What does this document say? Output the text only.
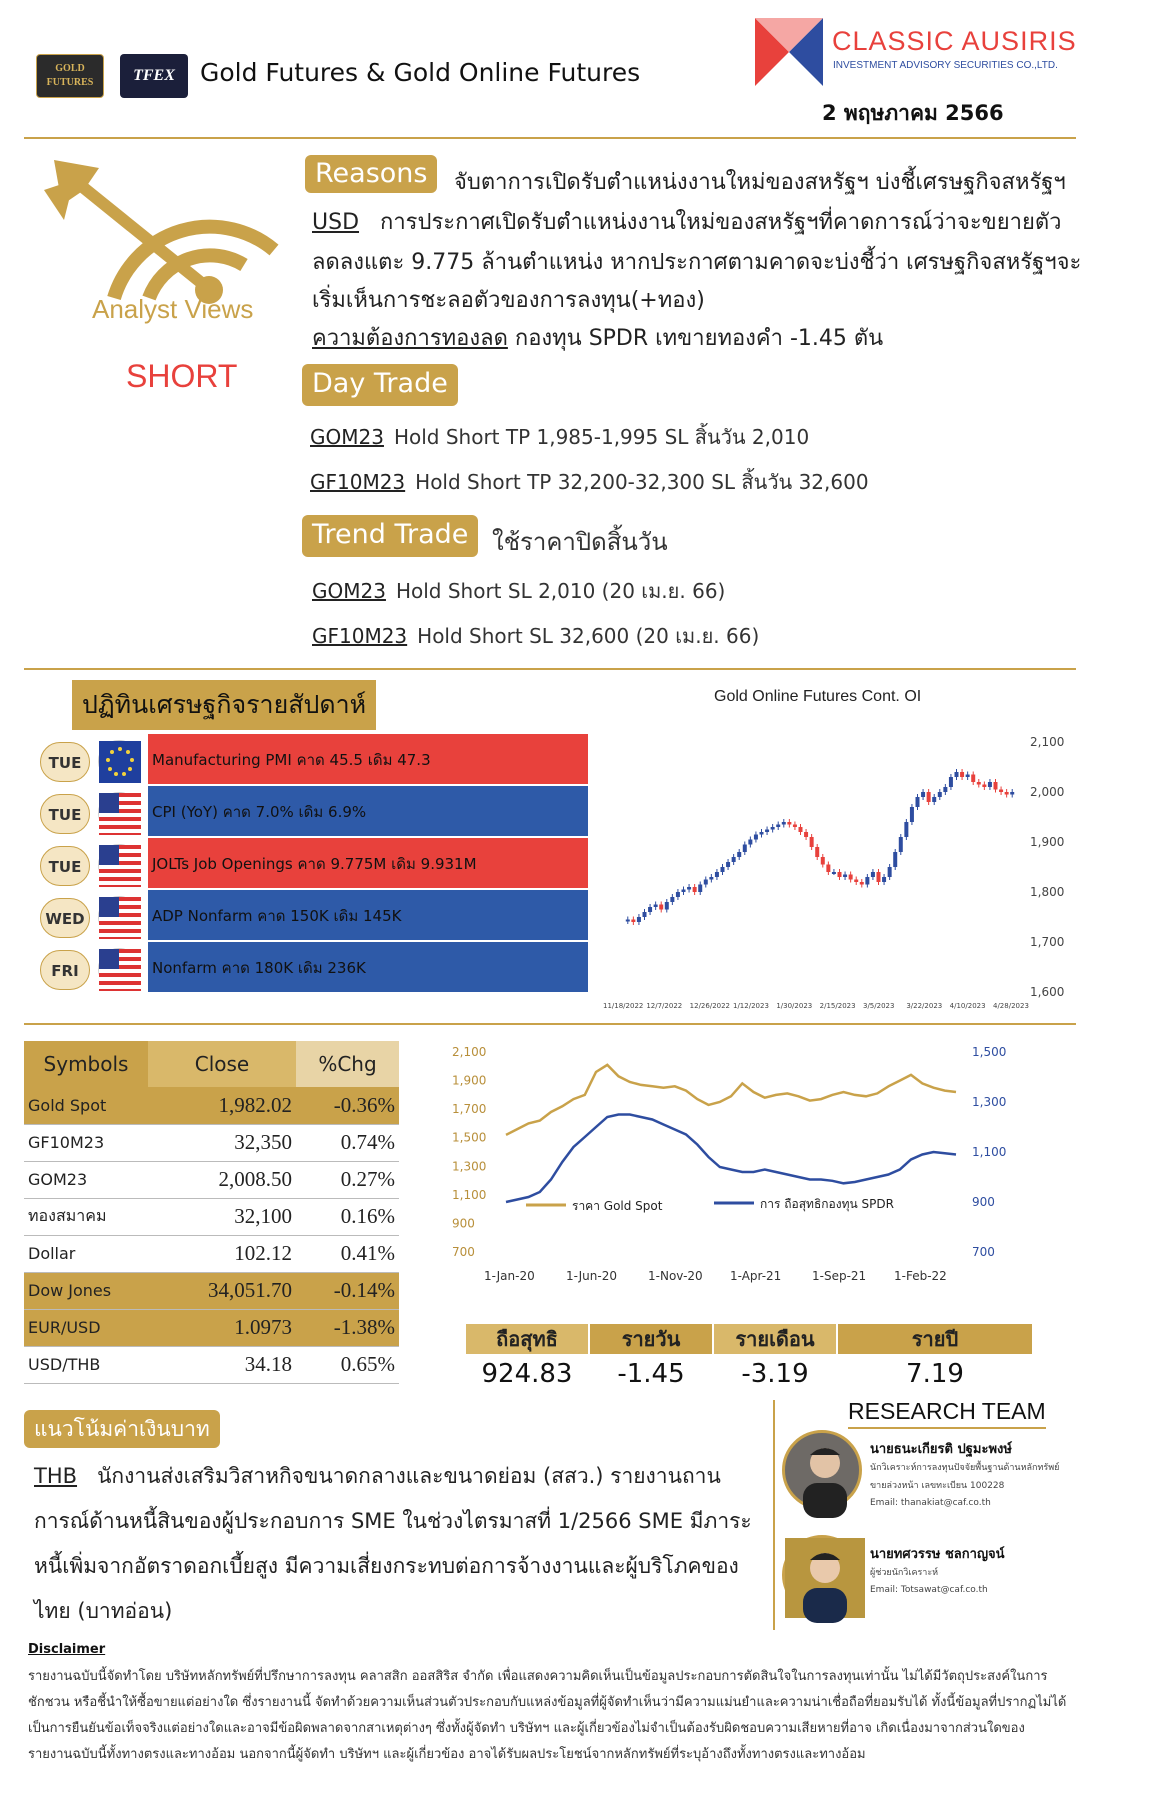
GOLD FUTURES	TFEX	Gold Futures & Gold Online Futures
CLASSIC AUSIRIS
INVESTMENT ADVISORY SECURITIES CO.,LTD.
2 พฤษภาคม 2566
Analyst Views
SHORT
Reasons	จับตาการเปิดรับตำแหน่งงานใหม่ของสหรัฐฯ บ่งชี้เศรษฐกิจสหรัฐฯ
USD การประกาศเปิดรับตำแหน่งงานใหม่ของสหรัฐฯที่คาดการณ์ว่าจะขยายตัว
ลดลงแตะ 9.775 ล้านตำแหน่ง หากประกาศตามคาดจะบ่งชี้ว่า เศรษฐกิจสหรัฐฯจะ
เริ่มเห็นการชะลอตัวของการลงทุน(+ทอง)
ความต้องการทองลด กองทุน SPDR เทขายทองคำ -1.45 ตัน
Day Trade
GOM23 Hold Short TP 1,985-1,995 SL สิ้นวัน 2,010
GF10M23 Hold Short TP 32,200-32,300 SL สิ้นวัน 32,600
Trend Trade ใช้ราคาปิดสิ้นวัน
GOM23 Hold Short SL 2,010 (20 เม.ย. 66)
GF10M23 Hold Short SL 32,600 (20 เม.ย. 66)
ปฏิทินเศรษฐกิจรายสัปดาห์
TUE	Manufacturing PMI คาด 45.5 เดิม 47.3
TUE	CPI (YoY) คาด 7.0% เดิม 6.9%
TUE	JOLTs Job Openings คาด 9.775M เดิม 9.931M
WED	ADP Nonfarm คาด 150K เดิม 145K
FRI	Nonfarm คาด 180K เดิม 236K
Gold Online Futures Cont. OI
2,100
2,000
1,900
1,800
1,700
1,600
11/18/2022 12/7/2022 12/26/2022 1/12/2023 1/30/2023 2/15/2023 3/5/2023 3/22/2023 4/10/2023 4/28/2023
Symbols	Close	%Chg
Gold Spot	1,982.02	-0.36%
GF10M23	32,350	0.74%
GOM23	2,008.50	0.27%
ทองสมาคม	32,100	0.16%
Dollar	102.12	0.41%
Dow Jones	34,051.70	-0.14%
EUR/USD	1.0973	-1.38%
USD/THB	34.18	0.65%
2,100
1,900
1,700
1,500
1,300
1,100
900
700
1,500
1,300
1,100
900
700
1-Jan-20	1-Jun-20	1-Nov-20 1-Apr-21	1-Sep-21 1-Feb-22
ราคา Gold Spot	การ ถือสุทธิกองทุน SPDR
ถือสุทธิ
924.83
รายวัน
-1.45
รายเดือน
-3.19
รายปี
7.19
แนวโน้มค่าเงินบาท
THB นักงานส่งเสริมวิสาหกิจขนาดกลางและขนาดย่อม (สสว.) รายงานถาน
การณ์ด้านหนี้สินของผู้ประกอบการ SME ในช่วงไตรมาสที่ 1/2566 SME มีภาระ
หนี้เพิ่มจากอัตราดอกเบี้ยสูง มีความเสี่ยงกระทบต่อการจ้างงานและผู้บริโภคของ
ไทย (บาทอ่อน)
RESEARCH TEAM
นายธนะเกียรติ ปฐมะพงษ์
นักวิเคราะห์การลงทุนปัจจัยพื้นฐานด้านหลักทรัพย์
ขายล่วงหน้า เลขทะเบียน 100228
Email: thanakiat@caf.co.th
นายทศวรรษ ชลกาญจน์
ผู้ช่วยนักวิเคราะห์
Email: Totsawat@caf.co.th
Disclaimer
รายงานฉบับนี้จัดทำโดย บริษัทหลักทรัพย์ที่ปรึกษาการลงทุน คลาสสิก ออสสิริส จำกัด เพื่อแสดงความคิดเห็นเป็นข้อมูลประกอบการตัดสินใจในการลงทุนเท่านั้น ไม่ได้มีวัตถุประสงค์ในการ
ชักชวน หรือชี้นำให้ซื้อขายแต่อย่างใด ซึ่งรายงานนี้ จัดทำด้วยความเห็นส่วนตัวประกอบกับแหล่งข้อมูลที่ผู้จัดทำเห็นว่ามีความแม่นยำและความน่าเชื่อถือที่ยอมรับได้ ทั้งนี้ข้อมูลที่ปรากฏไม่ได้
เป็นการยืนยันข้อเท็จจริงแต่อย่างใดและอาจมีข้อผิดพลาดจากสาเหตุต่างๆ ซึ่งทั้งผู้จัดทำ บริษัทฯ และผู้เกี่ยวข้องไม่จำเป็นต้องรับผิดชอบความเสียหายที่อาจ เกิดเนื่องมาจากส่วนใดของ
รายงานฉบับนี้ทั้งทางตรงและทางอ้อม นอกจากนี้ผู้จัดทำ บริษัทฯ และผู้เกี่ยวข้อง อาจได้รับผลประโยชน์จากหลักทรัพย์ที่ระบุอ้างถึงทั้งทางตรงและทางอ้อม
